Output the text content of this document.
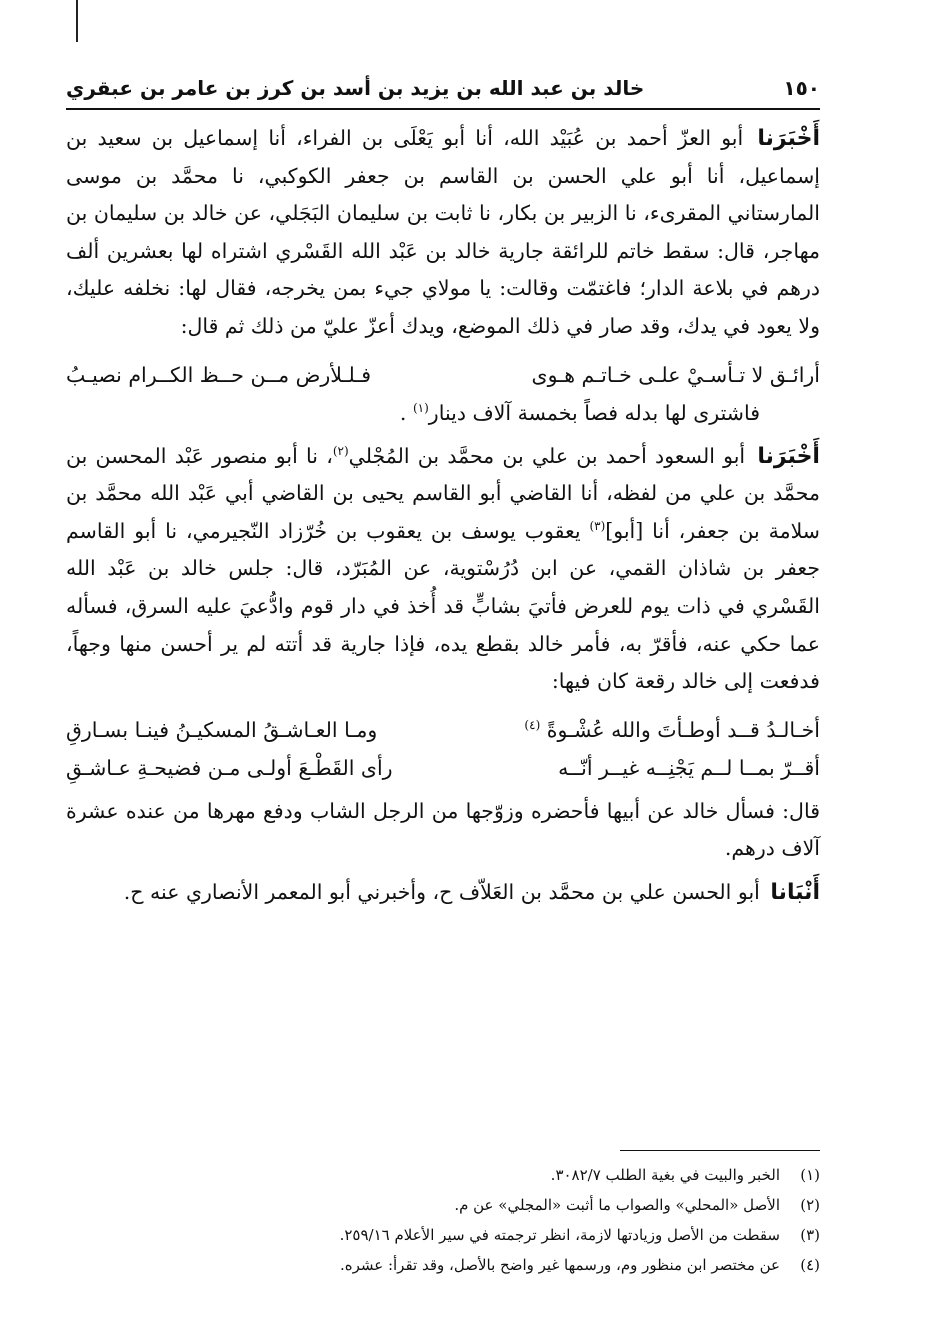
١٥٠
خالد بن عبد الله بن يزيد بن أسد بن كرز بن عامر بن عبقري

أَخْبَرَنا أبو العزّ أحمد بن عُبَيْد الله، أنا أبو يَعْلَى بن الفراء، أنا إسماعيل بن سعيد بن إسماعيل، أنا أبو علي الحسن بن القاسم بن جعفر الكوكبي، نا محمَّد بن موسى المارستاني المقرىء، نا الزبير بن بكار، نا ثابت بن سليمان البَجَلي، عن خالد بن سليمان بن مهاجر، قال: سقط خاتم للرائقة جارية خالد بن عَبْد الله القَسْري اشتراه لها بعشرين ألف درهم في بلاعة الدار؛ فاغتمّت وقالت: يا مولاي جيء بمن يخرجه، فقال لها: نخلفه عليك، ولا يعود في يدك، وقد صار في ذلك الموضع، ويدك أعزّ عليّ من ذلك ثم قال:

أرائـق لا تـأسـيْ علـى خـاتـم هـوى
فـلـلأرض مــن حــظ الكــرام نصيـبُ
فاشترى لها بدله فصاً بخمسة آلاف دينار$^{(١)}$ .

أَخْبَرَنا أبو السعود أحمد بن علي بن محمَّد بن المُجْلي$^{(٢)}$، نا أبو منصور عَبْد المحسن بن محمَّد بن علي من لفظه، أنا القاضي أبو القاسم يحيى بن القاضي أبي عَبْد الله محمَّد بن سلامة بن جعفر، أنا [أبو]$^{(٣)}$ يعقوب يوسف بن يعقوب بن خُرّزاد النّجيرمي، نا أبو القاسم جعفر بن شاذان القمي، عن ابن دُرُسْتوية، عن المُبَرّد، قال: جلس خالد بن عَبْد الله القَسْري في ذات يوم للعرض فأتيَ بشابٍّ قد أُخذ في دار قوم وادُّعيَ عليه السرق، فسأله عما حكي عنه، فأقرّ به، فأمر خالد بقطع يده، فإذا جارية قد أتته لم ير أحسن منها وجهاً، فدفعت إلى خالد رقعة كان فيها:

أخـالـدُ قــد أوطـأتَ والله عُشْـوةً $^{(٤)}$
ومـا العـاشـقُ المسكيـنُ فينـا بسـارقِ
أقــرّ بمــا لــم يَجْنِــه غيــر أنّــه
رأى القَطْـعَ أولـى مـن فضيحـةِ عـاشـقِ

قال: فسأل خالد عن أبيها فأحضره وزوّجها من الرجل الشاب ودفع مهرها من عنده عشرة آلاف درهم.

أَنْبَانا أبو الحسن علي بن محمَّد بن العَلاّف ح، وأخبرني أبو المعمر الأنصاري عنه ح.

(١)
الخبر والبيت في بغية الطلب ٣٠٨٢/٧.
(٢)
الأصل «المحلي» والصواب ما أثبت «المجلي» عن م.
(٣)
سقطت من الأصل وزيادتها لازمة، انظر ترجمته في سير الأعلام ٢٥٩/١٦.
(٤)
عن مختصر ابن منظور وم، ورسمها غير واضح بالأصل، وقد تقرأ: عشره.
